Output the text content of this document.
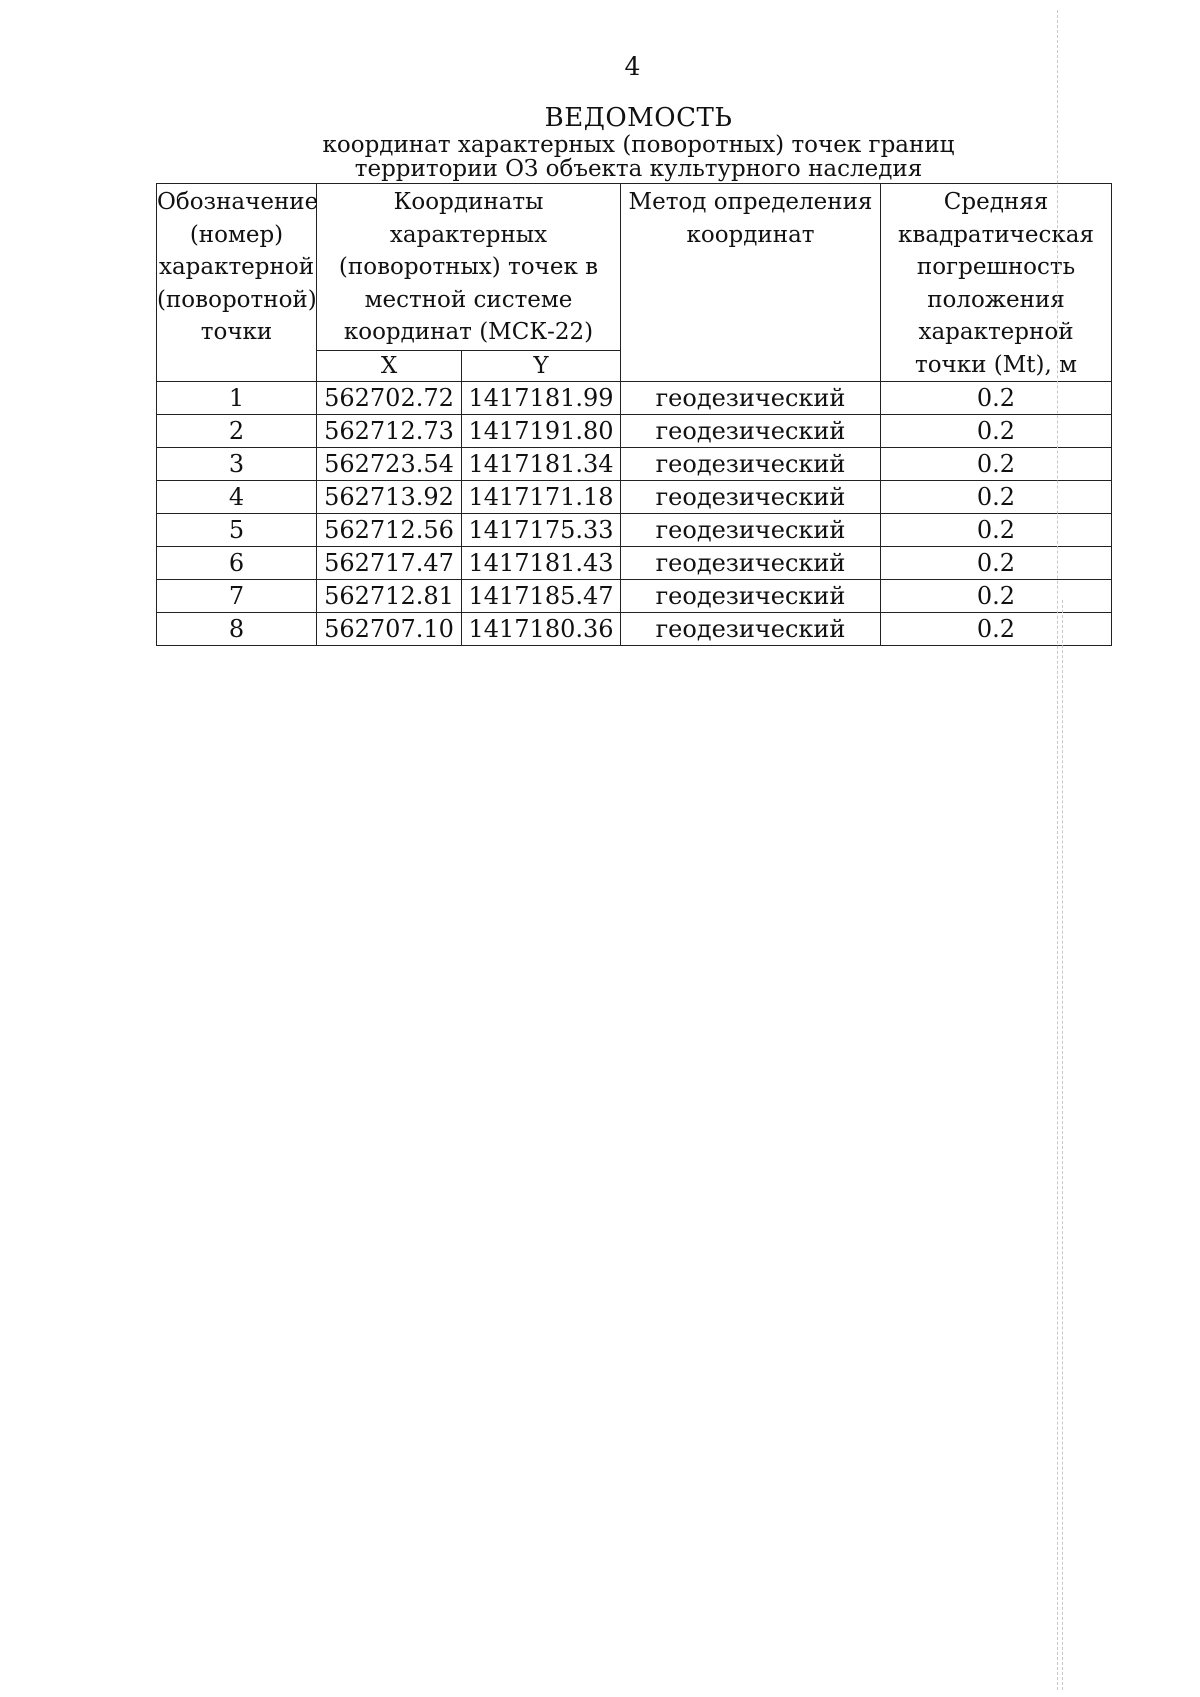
4
ВЕДОМОСТЬ
координат характерных (поворотных) точек границ
территории ОЗ объекта культурного наследия
Обозначение (номер) характерной (поворотной) точки	Координаты характерных (поворотных) точек в местной системе координат (МСК-22)		Метод определения координат	Средняя квадратическая погрешность положения характерной точки (Mt), м
	X	Y		
1	562702.72	1417181.99	геодезический	0.2
2	562712.73	1417191.80	геодезический	0.2
3	562723.54	1417181.34	геодезический	0.2
4	562713.92	1417171.18	геодезический	0.2
5	562712.56	1417175.33	геодезический	0.2
6	562717.47	1417181.43	геодезический	0.2
7	562712.81	1417185.47	геодезический	0.2
8	562707.10	1417180.36	геодезический	0.2
